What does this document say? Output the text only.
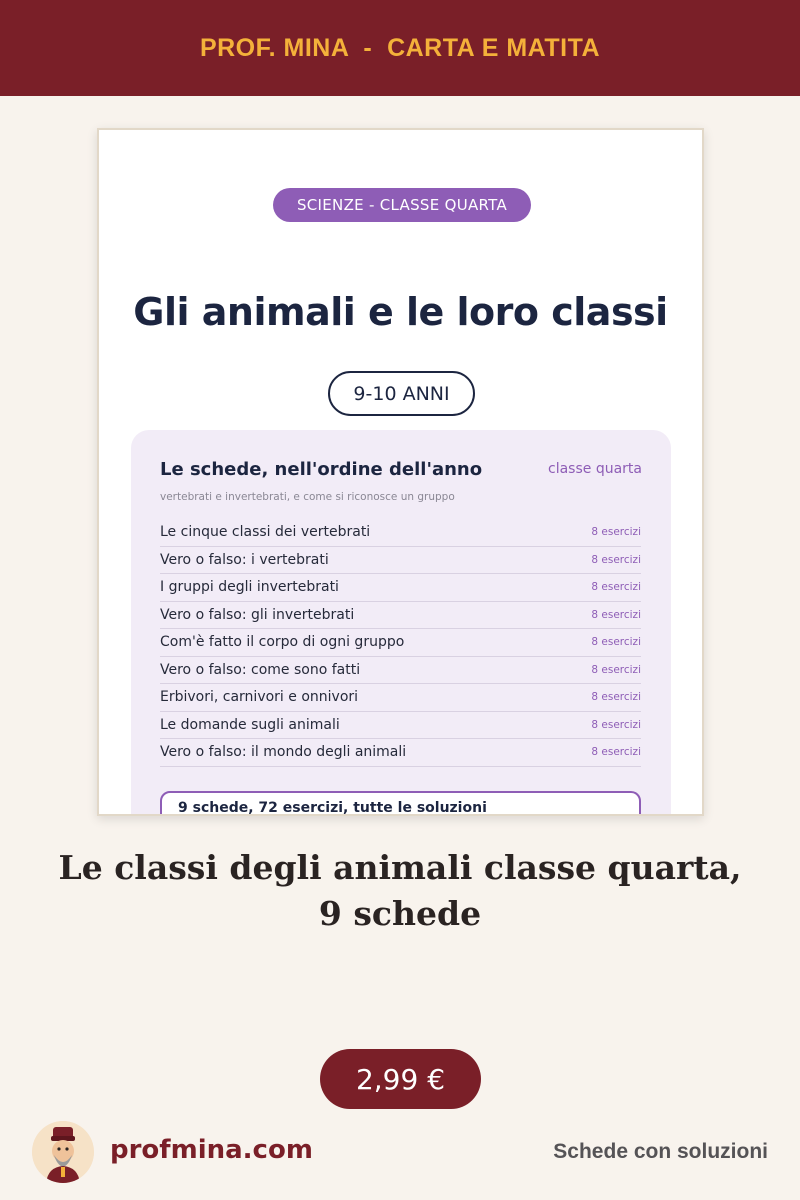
PROF. MINA  -  CARTA E MATITA
SCIENZE - CLASSE QUARTA
Gli animali e le loro classi
9-10 ANNI
Le schede, nell'ordine dell'anno	classe quarta
vertebrati e invertebrati, e come si riconosce un gruppo
Le cinque classi dei vertebrati	8 esercizi
Vero o falso: i vertebrati	8 esercizi
I gruppi degli invertebrati	8 esercizi
Vero o falso: gli invertebrati	8 esercizi
Com'è fatto il corpo di ogni gruppo	8 esercizi
Vero o falso: come sono fatti	8 esercizi
Erbivori, carnivori e onnivori	8 esercizi
Le domande sugli animali	8 esercizi
Vero o falso: il mondo degli animali	8 esercizi
9 schede, 72 esercizi, tutte le soluzioni
Le classi degli animali classe quarta,
9 schede
2,99 €
profmina.com	Schede con soluzioni
